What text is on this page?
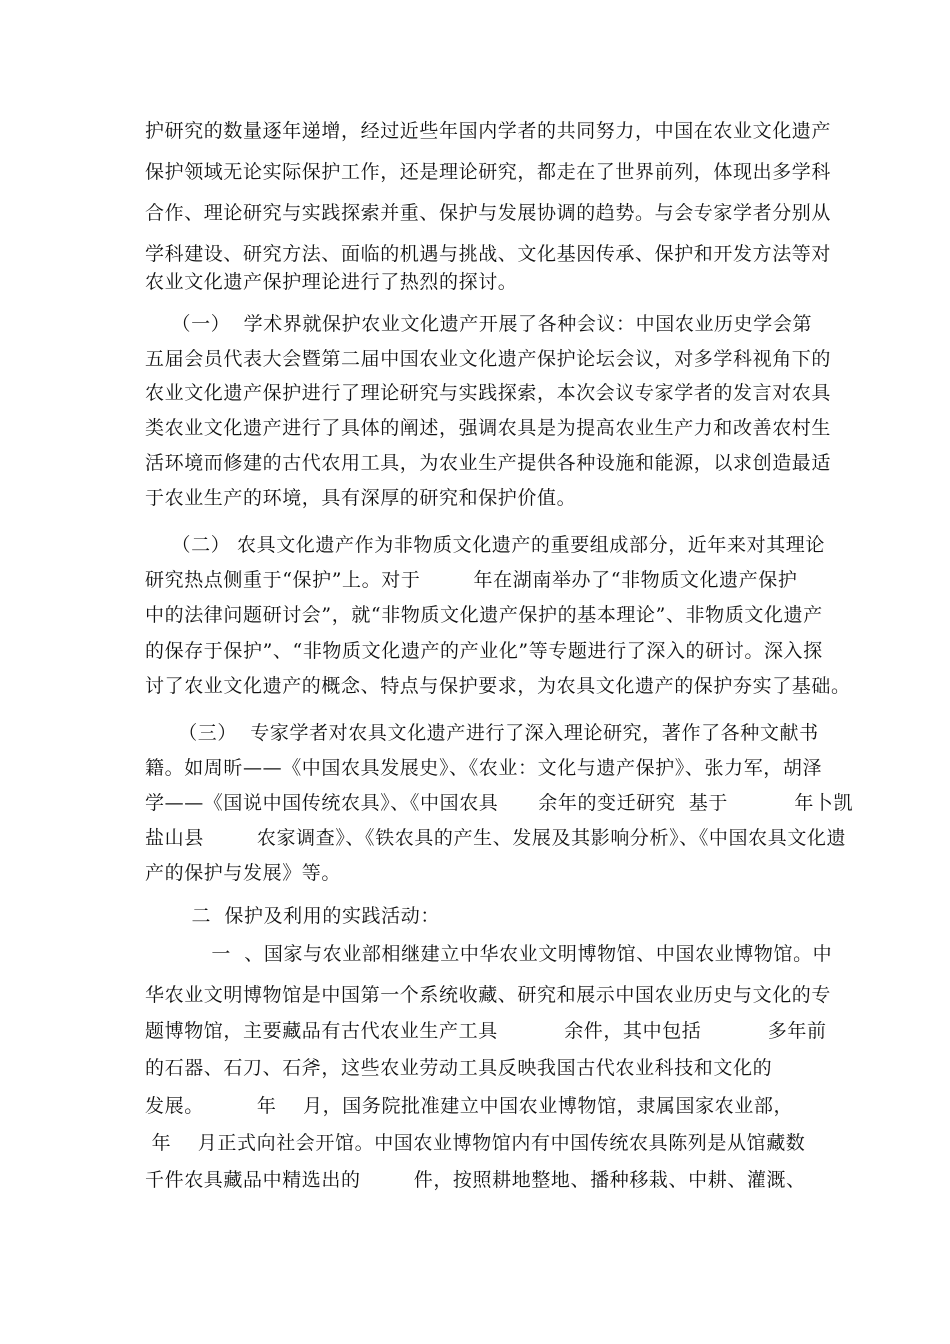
护研究的数量逐年递增，经过近些年国内学者的共同努力，中国在农业文化遗产
保护领域无论实际保护工作，还是理论研究，都走在了世界前列，体现出多学科
合作、理论研究与实践探索并重、保护与发展协调的趋势。与会专家学者分别从
学科建设、研究方法、面临的机遇与挑战、文化基因传承、保护和开发方法等对
农业文化遗产保护理论进行了热烈的探讨。
（一）  学术界就保护农业文化遗产开展了各种会议：中国农业历史学会第
五届会员代表大会暨第二届中国农业文化遗产保护论坛会议，对多学科视角下的
农业文化遗产保护进行了理论研究与实践探索，本次会议专家学者的发言对农具
类农业文化遗产进行了具体的阐述，强调农具是为提高农业生产力和改善农村生
活环境而修建的古代农用工具，为农业生产提供各种设施和能源，以求创造最适
于农业生产的环境，具有深厚的研究和保护价值。
（二） 农具文化遗产作为非物质文化遗产的重要组成部分，近年来对其理论
研究热点侧重于“保护”上。对于        年在湖南举办了“非物质文化遗产保护
中的法律问题研讨会”，就“非物质文化遗产保护的基本理论”、非物质文化遗产
的保存于保护”、“非物质文化遗产的产业化”等专题进行了深入的研讨。深入探
讨了农业文化遗产的概念、特点与保护要求，为农具文化遗产的保护夯实了基础。
（三）  专家学者对农具文化遗产进行了深入理论研究，著作了各种文献书
籍。如周昕——《中国农具发展史》、《农业：文化与遗产保护》、张力军，胡泽
学——《国说中国传统农具》、《中国农具      余年的变迁研究  基于          年卜凯
盐山县        农家调查》、《铁农具的产生、发展及其影响分析》、《中国农具文化遗
产的保护与发展》等。
二  保护及利用的实践活动：
一  、国家与农业部相继建立中华农业文明博物馆、中国农业博物馆。中
华农业文明博物馆是中国第一个系统收藏、研究和展示中国农业历史与文化的专
题博物馆，主要藏品有古代农业生产工具          余件，其中包括          多年前
的石器、石刀、石斧，这些农业劳动工具反映我国古代农业科技和文化的
发展。        年    月，国务院批准建立中国农业博物馆，隶属国家农业部，
年    月正式向社会开馆。中国农业博物馆内有中国传统农具陈列是从馆藏数
千件农具藏品中精选出的        件，按照耕地整地、播种移栽、中耕、灌溉、
